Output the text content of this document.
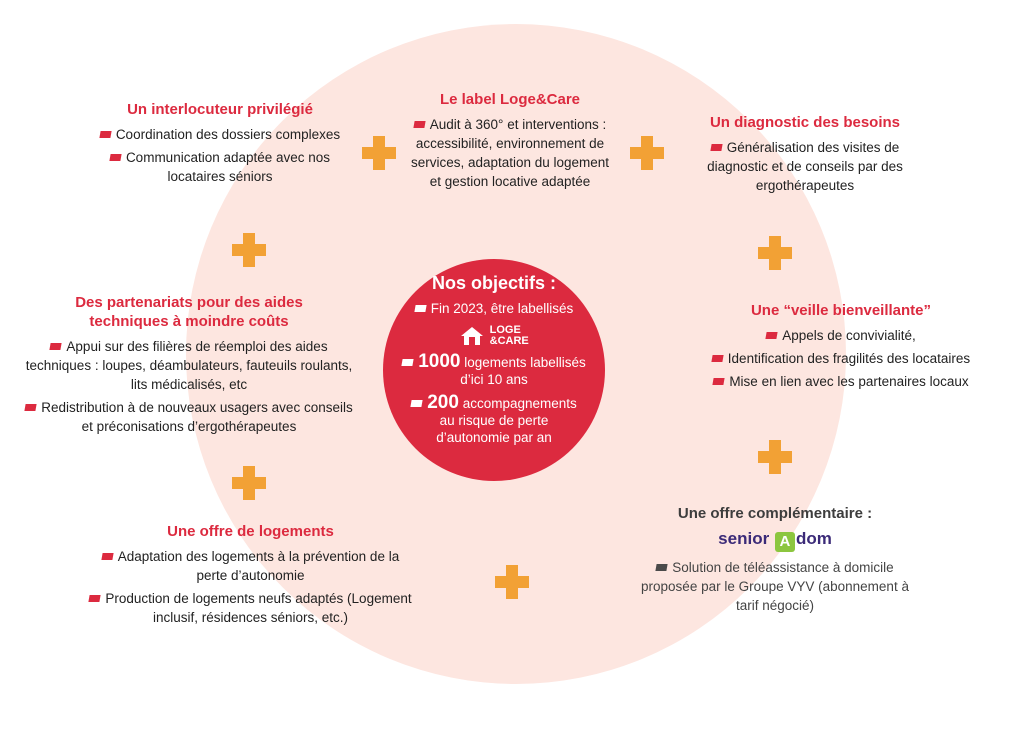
Nos objectifs :
Fin 2023, être labellisés
LOGE
&CARE
1000 logements labellisés
d’ici 10 ans
200 accompagnements
au risque de perte
d’autonomie par an
Un interlocuteur privilégié
Coordination des dossiers complexes
Communication adaptée avec nos locataires séniors
Le label Loge&Care
Audit à 360° et interventions : accessibilité, environnement de services, adaptation du logement et gestion locative adaptée
Un diagnostic des besoins
Généralisation des visites de diagnostic et de conseils par des ergothérapeutes
Des partenariats pour des aides
techniques à moindre coûts
Appui sur des filières de réemploi des aides techniques : loupes, déambulateurs, fauteuils roulants, lits médicalisés, etc
Redistribution à de nouveaux usagers avec conseils et préconisations d’ergothérapeutes
Une “veille bienveillante”
Appels de convivialité,
Identification des fragilités des locataires
Mise en lien avec les partenaires locaux
Une offre de logements
Adaptation des logements à la prévention de la perte d’autonomie
Production de logements neufs adaptés (Logement inclusif, résidences séniors, etc.)
Une offre complémentaire :
senior A dom
Solution de téléassistance à domicile proposée par le Groupe VYV (abonnement à tarif négocié)
